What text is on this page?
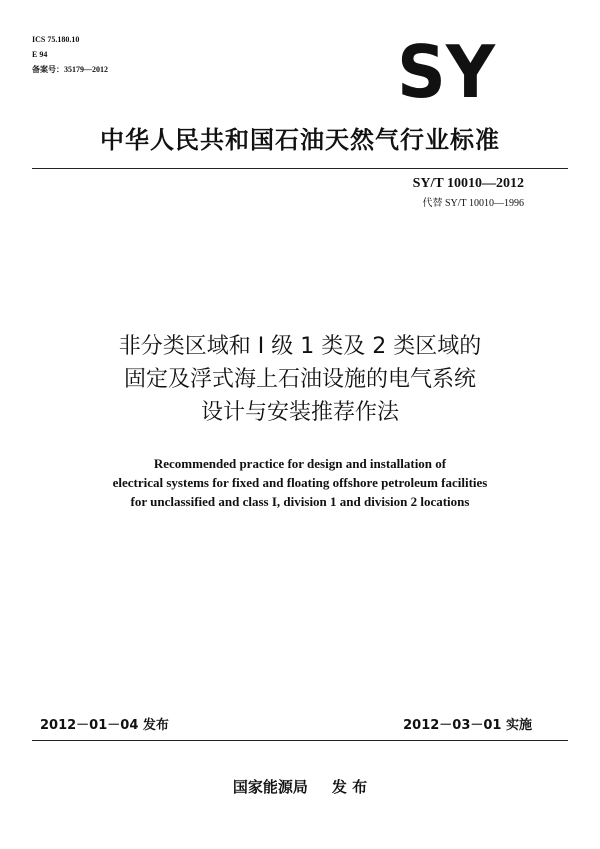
ICS 75.180.10
E 94
备案号：35179—2012	SY
中华人民共和国石油天然气行业标准
SY/T 10010—2012
代替 SY/T 10010—1996
非分类区域和 I 级 1 类及 2 类区域的
固定及浮式海上石油设施的电气系统
设计与安装推荐作法
Recommended practice for design and installation of
electrical systems for fixed and floating offshore petroleum facilities
for unclassified and class I, division 1 and division 2 locations
2012－01－04 发布	2012－03－01 实施
国家能源局 发 布
